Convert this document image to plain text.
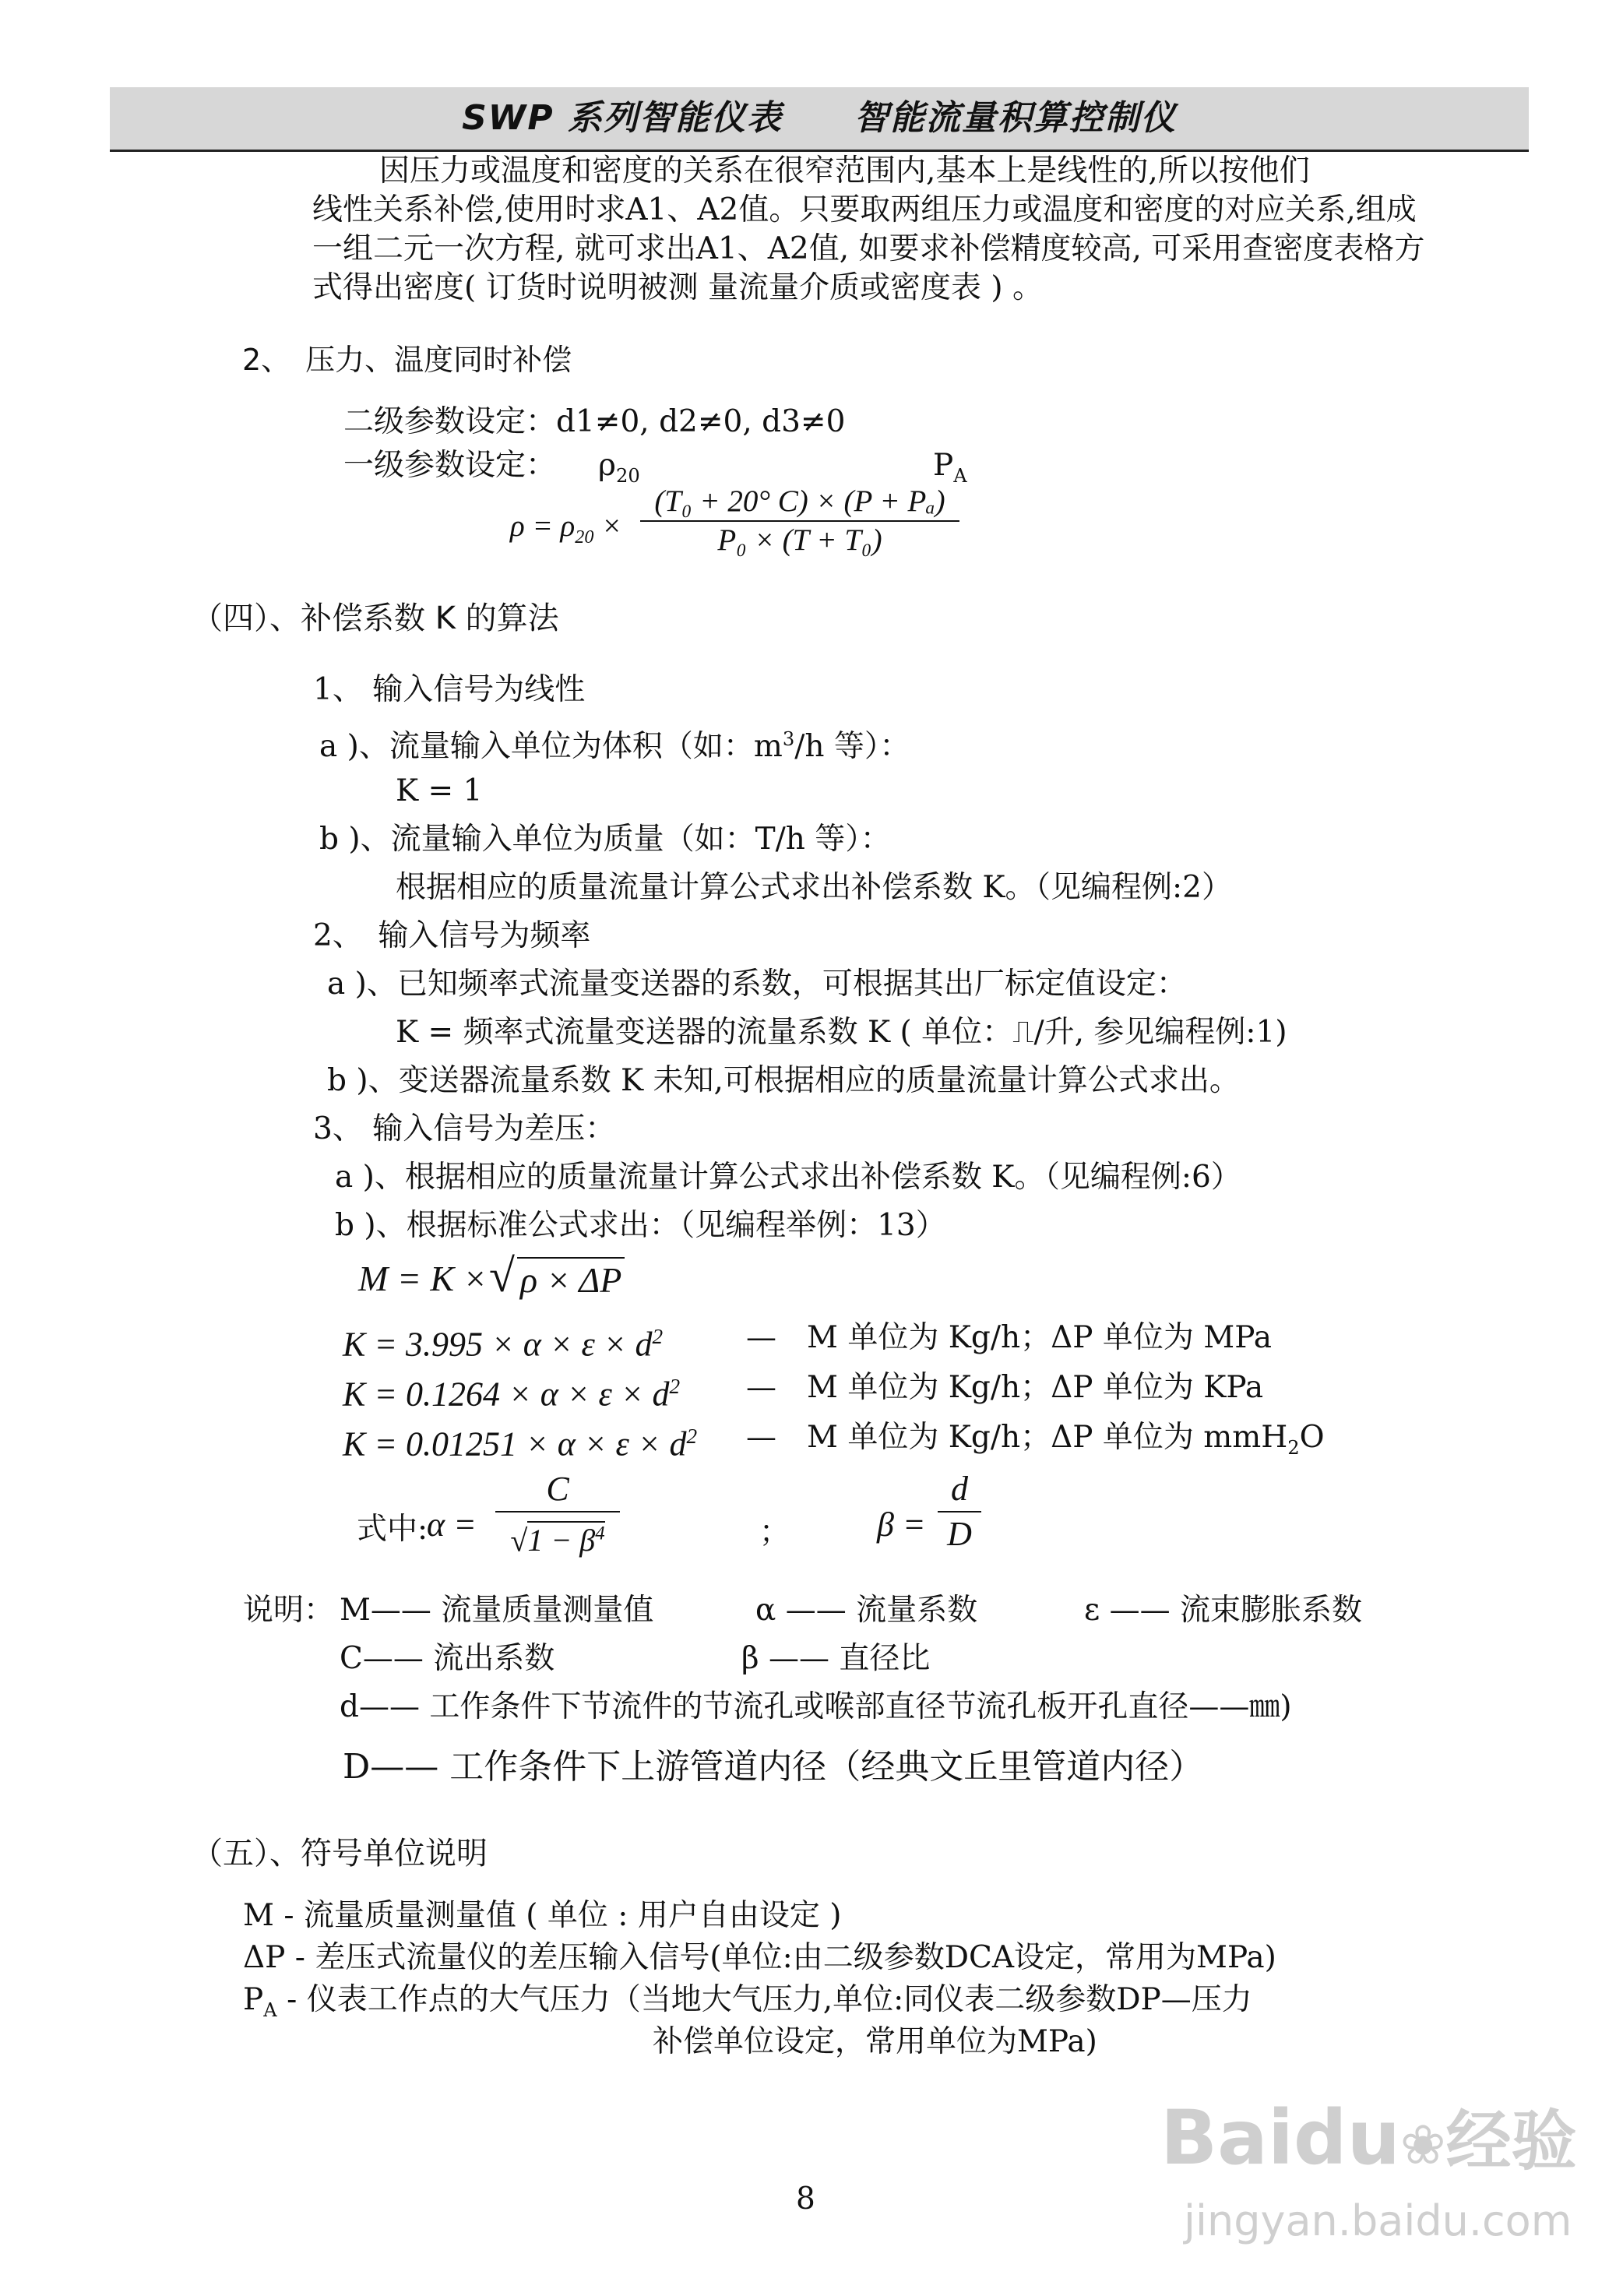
SWP 系列智能仪表　　智能流量积算控制仪
因压力或温度和密度的关系在很窄范围内,基本上是线性的,所以按他们
线性关系补偿,使用时求A1、A2值。只要取两组压力或温度和密度的对应关系,组成
一组二元一次方程, 就可求出A1、A2值, 如要求补偿精度较高, 可采用查密度表格方
式得出密度( 订货时说明被测 量流量介质或密度表 ) 。
2、　压力、温度同时补偿
二级参数设定：d1≠0, d2≠0, d3≠0
一级参数设定： $\rho_{20}$	$P_A$
$\rho = \rho_{20}$ ×
(T₀ + 20° C) × (P + Pₐ)
P₀ × (T + T₀)
（四）、补偿系数 K 的算法
1、 输入信号为线性
a )、流量输入单位为体积（如：$m^3/h$ 等）：
K = 1
b )、流量输入单位为质量（如：T/h 等）：
根据相应的质量流量计算公式求出补偿系数 K。（见编程例:2）
2、　输入信号为频率
a )、已知频率式流量变送器的系数，可根据其出厂标定值设定：
K = 频率式流量变送器的流量系数 K ( 单位：⎍/升, 参见编程例:1)
b )、变送器流量系数 K 未知,可根据相应的质量流量计算公式求出。
3、 输入信号为差压：
a )、根据相应的质量流量计算公式求出补偿系数 K。（见编程例:6）
b )、根据标准公式求出：（见编程举例：13）
M = K × √ ρ × ΔP
$K = 3.995 \times \alpha \times \varepsilon \times d^2$	—　M 单位为 Kg/h；ΔP 单位为 MPa
$K = 0.1264 \times \alpha \times \varepsilon \times d^2$ —　M 单位为 Kg/h；ΔP 单位为 KPa
$K = 0.01251 \times \alpha \times \varepsilon \times d^2$ —　M 单位为 Kg/h；ΔP 单位为 mmH$_2$O
式中:
α =
C
$√1 - \beta^4$	；	β =
d
D
说明： M—— 流量质量测量值	α —— 流量系数	ε —— 流束膨胀系数
C—— 流出系数	β —— 直径比
d—— 工作条件下节流件的节流孔或喉部直径节流孔板开孔直径——㎜)
D—— 工作条件下上游管道内径（经典文丘里管道内径）
（五）、符号单位说明
M - 流量质量测量值 ( 单位 : 用户自由设定 )
ΔP - 差压式流量仪的差压输入信号(单位:由二级参数DCA设定，常用为MPa)
$P_A$ - 仪表工作点的大气压力（当地大气压力,单位:同仪表二级参数DP—压力
补偿单位设定，常用单位为MPa)
8
Baidu❀经验
jingyan.baidu.com
